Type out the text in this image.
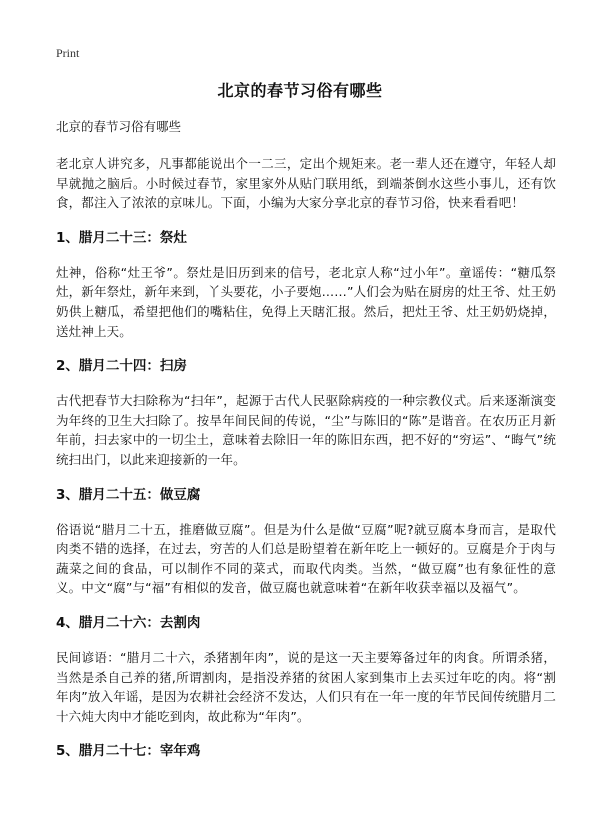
Print
北京的春节习俗有哪些
北京的春节习俗有哪些

老北京人讲究多，凡事都能说出个一二三，定出个规矩来。老一辈人还在遵守，年轻人却早就抛之脑后。小时候过春节，家里家外从贴门联用纸，到端茶倒水这些小事儿，还有饮食，都注入了浓浓的京味儿。下面，小编为大家分享北京的春节习俗，快来看看吧！

1、腊月二十三：祭灶

灶神，俗称“灶王爷”。祭灶是旧历到来的信号，老北京人称“过小年”。童谣传：“糖瓜祭灶，新年祭灶，新年来到，丫头要花，小子要炮……”人们会为贴在厨房的灶王爷、灶王奶奶供上糖瓜，希望把他们的嘴粘住，免得上天瞎汇报。然后，把灶王爷、灶王奶奶烧掉，送灶神上天。

2、腊月二十四：扫房

古代把春节大扫除称为“扫年”，起源于古代人民驱除病疫的一种宗教仪式。后来逐渐演变为年终的卫生大扫除了。按旱年间民间的传说，“尘”与陈旧的“陈”是谐音。在农历正月新年前，扫去家中的一切尘土，意味着去除旧一年的陈旧东西，把不好的“穷运”、“晦气”统统扫出门，以此来迎接新的一年。

3、腊月二十五：做豆腐

俗语说“腊月二十五，推磨做豆腐”。但是为什么是做“豆腐”呢?就豆腐本身而言，是取代肉类不错的选择，在过去，穷苦的人们总是盼望着在新年吃上一顿好的。豆腐是介于肉与蔬菜之间的食品，可以制作不同的菜式，而取代肉类。当然，“做豆腐”也有象征性的意义。中文“腐”与“福”有相似的发音，做豆腐也就意味着“在新年收获幸福以及福气”。

4、腊月二十六：去割肉

民间谚语：“腊月二十六，杀猪割年肉”，说的是这一天主要筹备过年的肉食。所谓杀猪，当然是杀自己养的猪,所谓割肉，是指没养猪的贫困人家到集市上去买过年吃的肉。将“割年肉”放入年谣，是因为农耕社会经济不发达，人们只有在一年一度的年节民间传统腊月二十六炖大肉中才能吃到肉，故此称为“年肉”。

5、腊月二十七：宰年鸡
